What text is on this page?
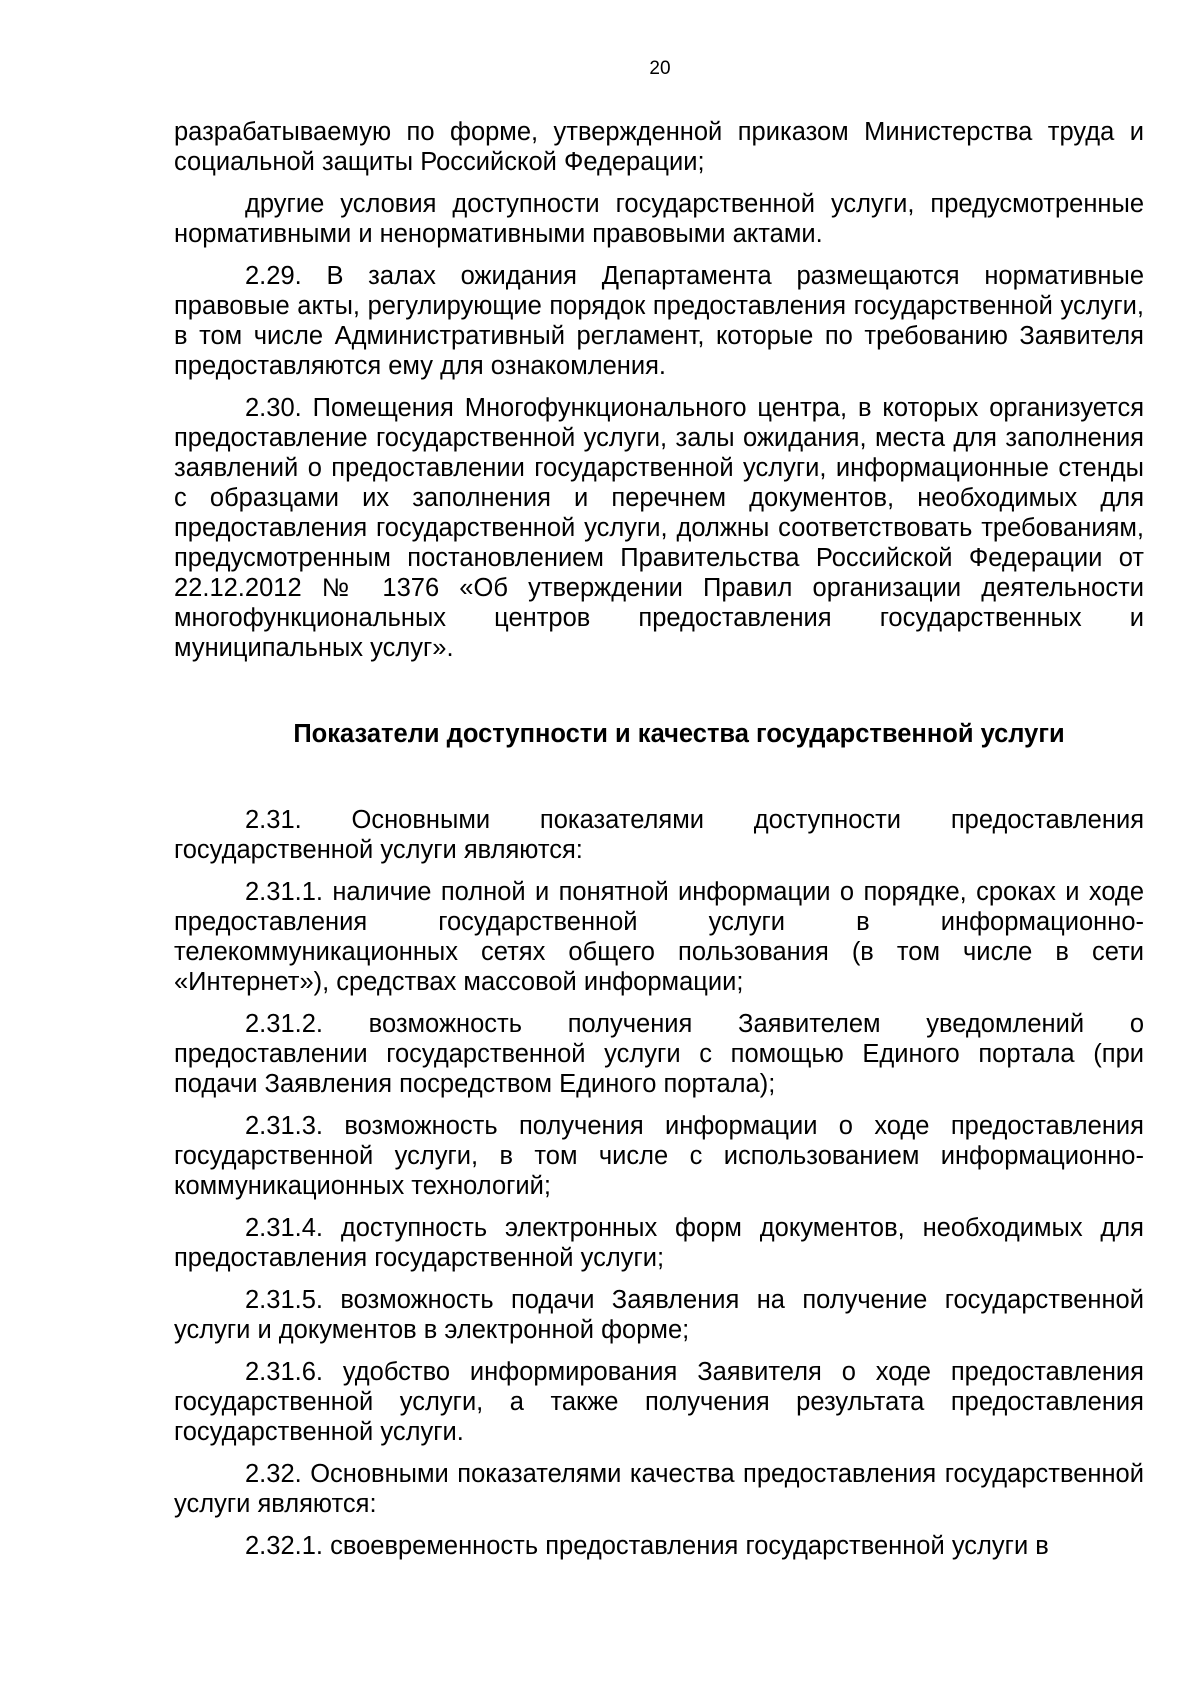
20

разрабатываемую по форме, утвержденной приказом Министерства труда и социальной защиты Российской Федерации;

другие условия доступности государственной услуги, предусмотренные нормативными и ненормативными правовыми актами.

2.29. В залах ожидания Департамента размещаются нормативные правовые акты, регулирующие порядок предоставления государственной услуги, в том числе Административный регламент, которые по требованию Заявителя предоставляются ему для ознакомления.

2.30. Помещения Многофункционального центра, в которых организуется предоставление государственной услуги, залы ожидания, места для заполнения заявлений о предоставлении государственной услуги, информационные стенды с образцами их заполнения и перечнем документов, необходимых для предоставления государственной услуги, должны соответствовать требованиям, предусмотренным постановлением Правительства Российской Федерации от 22.12.2012 № 1376 «Об утверждении Правил организации деятельности многофункциональных центров предоставления государственных и муниципальных услуг».

Показатели доступности и качества государственной услуги

2.31. Основными показателями доступности предоставления государственной услуги являются:

2.31.1. наличие полной и понятной информации о порядке, сроках и ходе предоставления государственной услуги в информационно-телекоммуникационных сетях общего пользования (в том числе в сети «Интернет»), средствах массовой информации;

2.31.2. возможность получения Заявителем уведомлений о предоставлении государственной услуги с помощью Единого портала (при подачи Заявления посредством Единого портала);

2.31.3. возможность получения информации о ходе предоставления государственной услуги, в том числе с использованием информационно-коммуникационных технологий;

2.31.4. доступность электронных форм документов, необходимых для предоставления государственной услуги;

2.31.5. возможность подачи Заявления на получение государственной услуги и документов в электронной форме;

2.31.6. удобство информирования Заявителя о ходе предоставления государственной услуги, а также получения результата предоставления государственной услуги.

2.32. Основными показателями качества предоставления государственной услуги являются:

2.32.1. своевременность предоставления государственной услуги в
